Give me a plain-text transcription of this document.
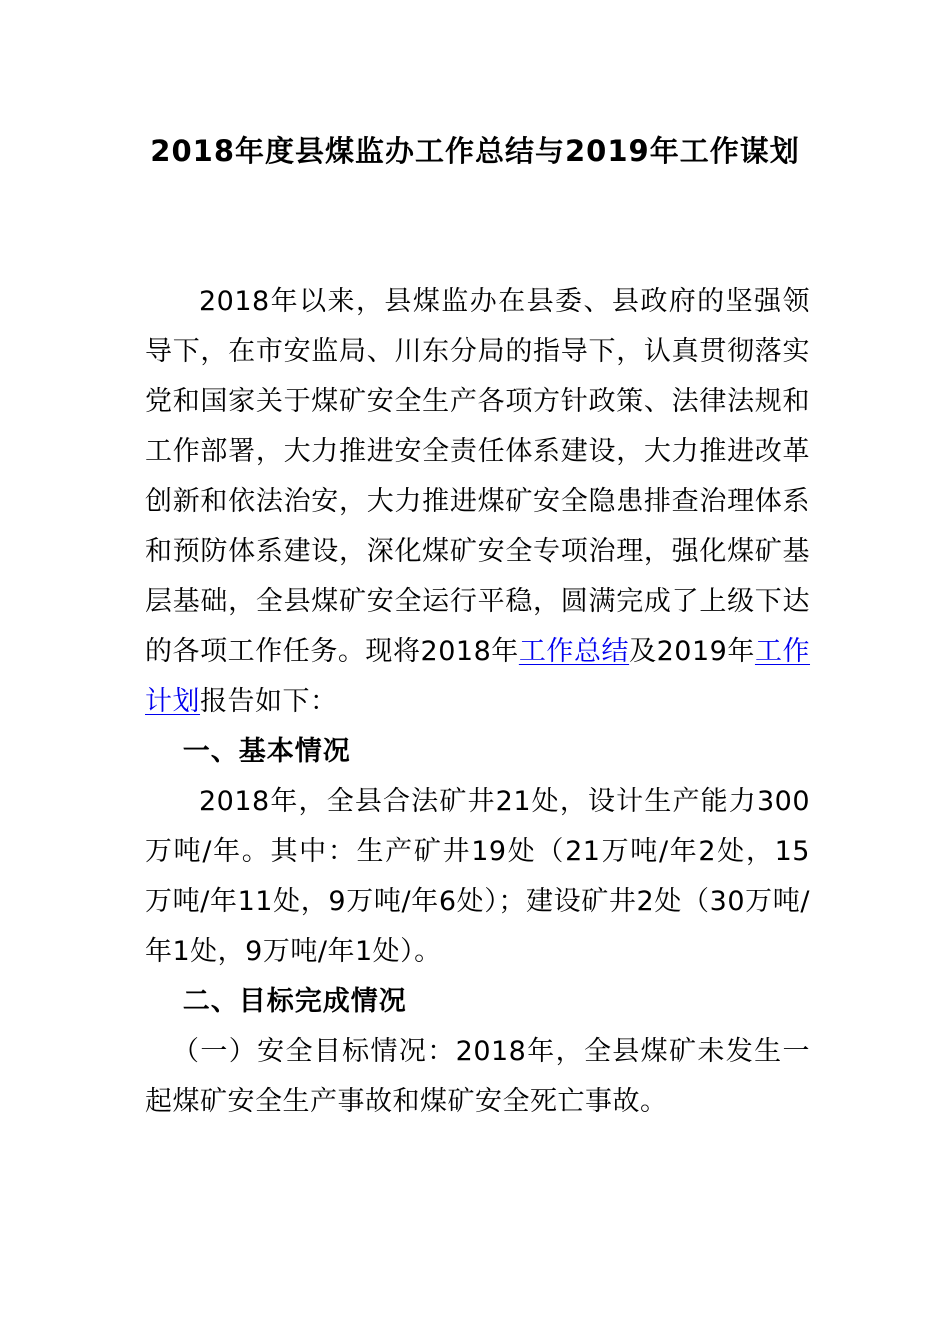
2018年度县煤监办工作总结与2019年工作谋划

2018年以来，县煤监办在县委、县政府的坚强领导下，在市安监局、川东分局的指导下，认真贯彻落实党和国家关于煤矿安全生产各项方针政策、法律法规和工作部署，大力推进安全责任体系建设，大力推进改革创新和依法治安，大力推进煤矿安全隐患排查治理体系和预防体系建设，深化煤矿安全专项治理，强化煤矿基层基础，全县煤矿安全运行平稳，圆满完成了上级下达的各项工作任务。现将2018年工作总结及2019年工作计划报告如下：

一、基本情况

2018年，全县合法矿井21处，设计生产能力300万吨/年。其中：生产矿井19处（21万吨/年2处，15万吨/年11处，9万吨/年6处）；建设矿井2处（30万吨/年1处，9万吨/年1处）。

二、目标完成情况

（一）安全目标情况：2018年，全县煤矿未发生一起煤矿安全生产事故和煤矿安全死亡事故。
